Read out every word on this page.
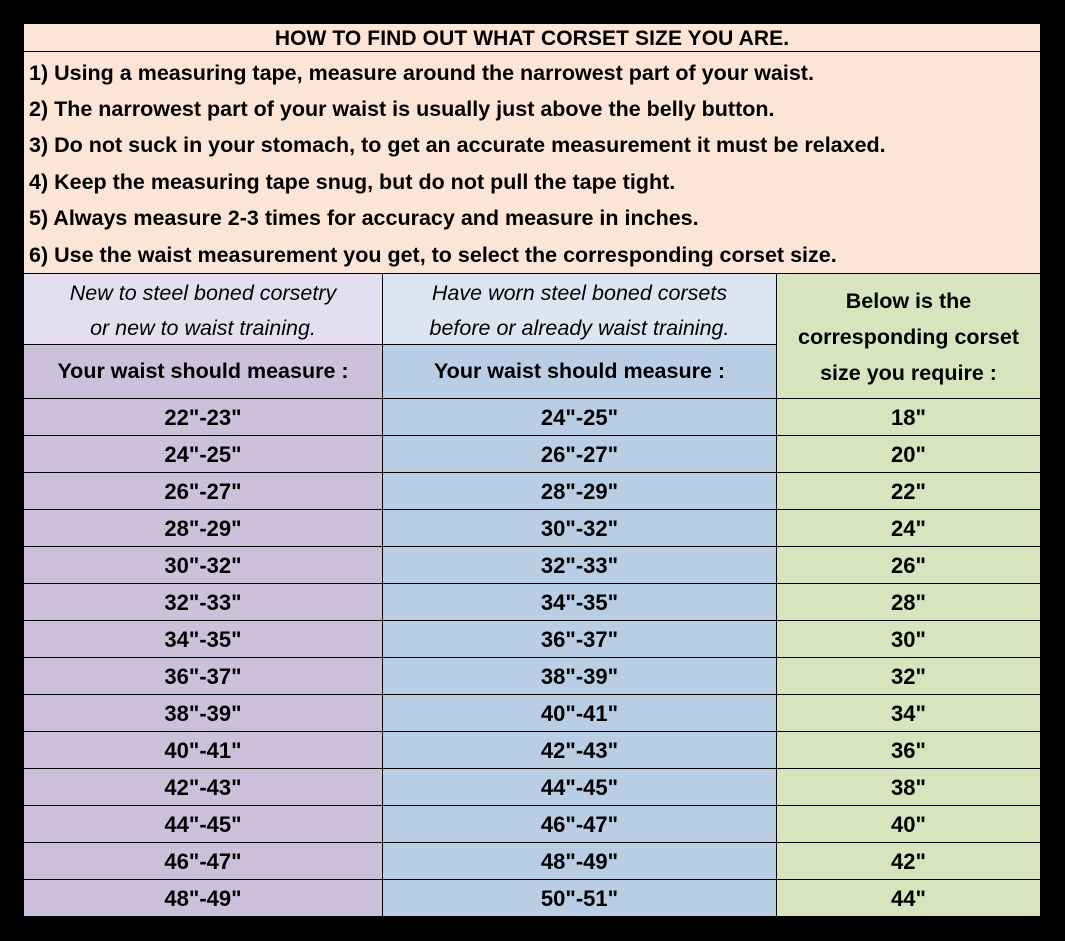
HOW TO FIND OUT WHAT CORSET SIZE YOU ARE.
1) Using a measuring tape, measure around the narrowest part of your waist.
2) The narrowest part of your waist is usually just above the belly button.
3) Do not suck in your stomach, to get an accurate measurement it must be relaxed.
4) Keep the measuring tape snug, but do not pull the tape tight.
5) Always measure 2-3 times for accuracy and measure in inches.
6) Use the waist measurement you get, to select the corresponding corset size.
New to steel boned corsetry
or new to waist training.
Your waist should measure :
22"-23"
24"-25"
26"-27"
28"-29"
30"-32"
32"-33"
34"-35"
36"-37"
38"-39"
40"-41"
42"-43"
44"-45"
46"-47"
48"-49"
Have worn steel boned corsets
before or already waist training.
Your waist should measure :
24"-25"
26"-27"
28"-29"
30"-32"
32"-33"
34"-35"
36"-37"
38"-39"
40"-41"
42"-43"
44"-45"
46"-47"
48"-49"
50"-51"
Below is the
corresponding corset
size you require :
18"
20"
22"
24"
26"
28"
30"
32"
34"
36"
38"
40"
42"
44"
